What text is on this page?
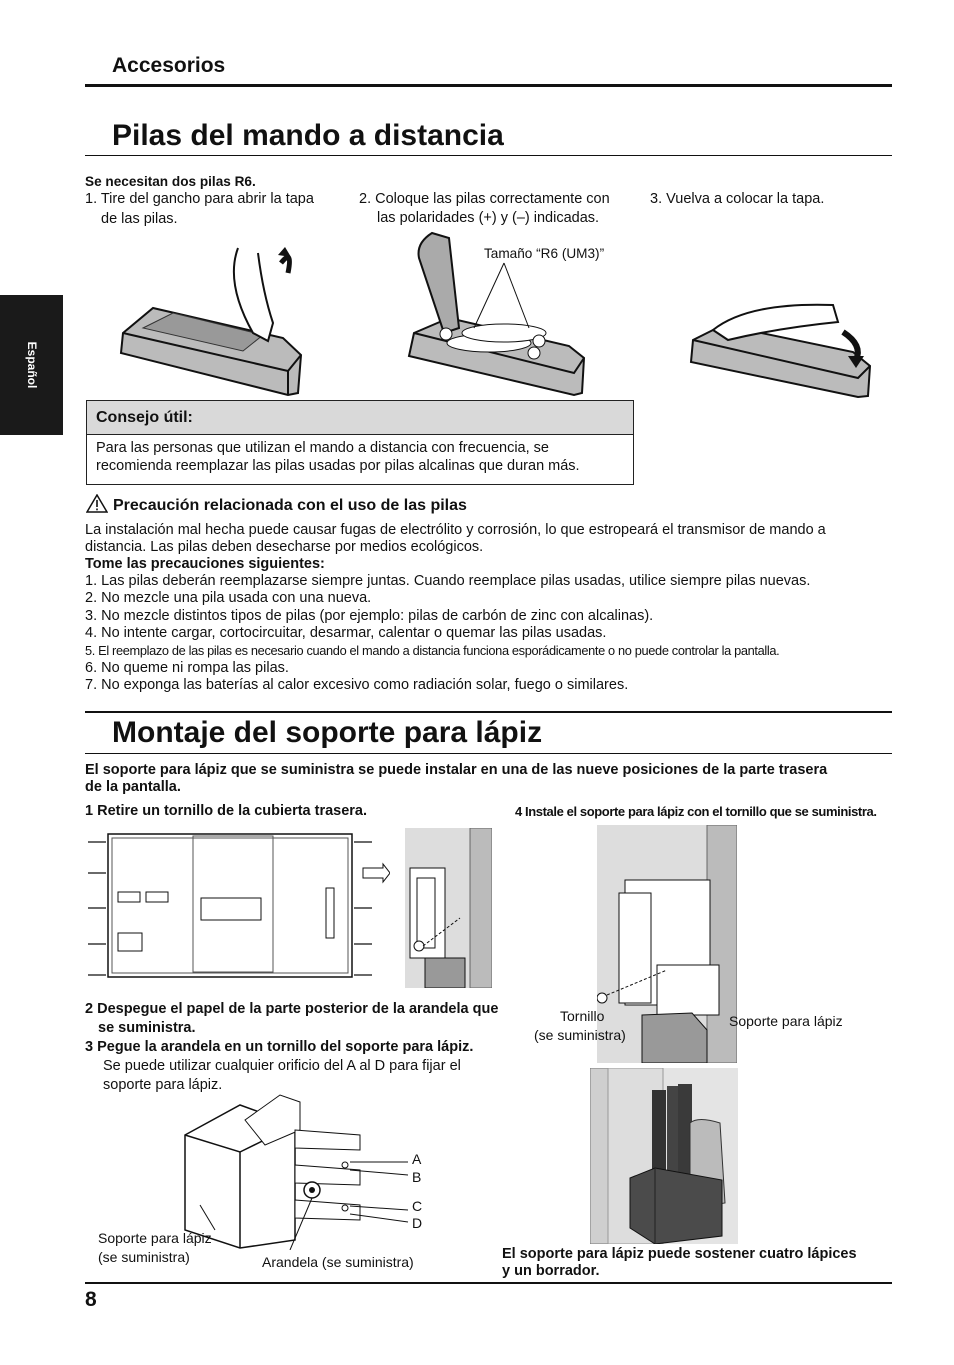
Español
Accesorios
Pilas del mando a distancia
Se necesitan dos pilas R6.
1. Tire del gancho para abrir la tapa
de las pilas.
2. Coloque las pilas correctamente con
las polaridades (+) y (–) indicadas.
3. Vuelva a colocar la tapa.
Tamaño “R6 (UM3)”
Consejo útil:
Para las personas que utilizan el mando a distancia con frecuencia, se
recomienda reemplazar las pilas usadas por pilas alcalinas que duran más.
Precaución relacionada con el uso de las pilas
La instalación mal hecha puede causar fugas de electrólito y corrosión, lo que estropeará el transmisor de mando a
distancia. Las pilas deben desecharse por medios ecológicos.
Tome las precauciones siguientes:
1. Las pilas deberán reemplazarse siempre juntas. Cuando reemplace pilas usadas, utilice siempre pilas nuevas.
2. No mezcle una pila usada con una nueva.
3. No mezcle distintos tipos de pilas (por ejemplo: pilas de carbón de zinc con alcalinas).
4. No intente cargar, cortocircuitar, desarmar, calentar o quemar las pilas usadas.
5. El reemplazo de las pilas es necesario cuando el mando a distancia funciona esporádicamente o no puede controlar la pantalla.
6. No queme ni rompa las pilas.
7. No exponga las baterías al calor excesivo como radiación solar, fuego o similares.
Montaje del soporte para lápiz
El soporte para lápiz que se suministra se puede instalar en una de las nueve posiciones de la parte trasera
de la pantalla.
1 Retire un tornillo de la cubierta trasera.	4 Instale el soporte para lápiz con el tornillo que se suministra.
2 Despegue el papel de la parte posterior de la arandela que
se suministra.
3 Pegue la arandela en un tornillo del soporte para lápiz.
Se puede utilizar cualquier orificio del A al D para fijar el
soporte para lápiz.
Tornillo
(se suministra)
Soporte para lápiz
A
B
C
D
Soporte para lápiz
(se suministra)	Arandela (se suministra)	El soporte para lápiz puede sostener cuatro lápices
y un borrador.
8
